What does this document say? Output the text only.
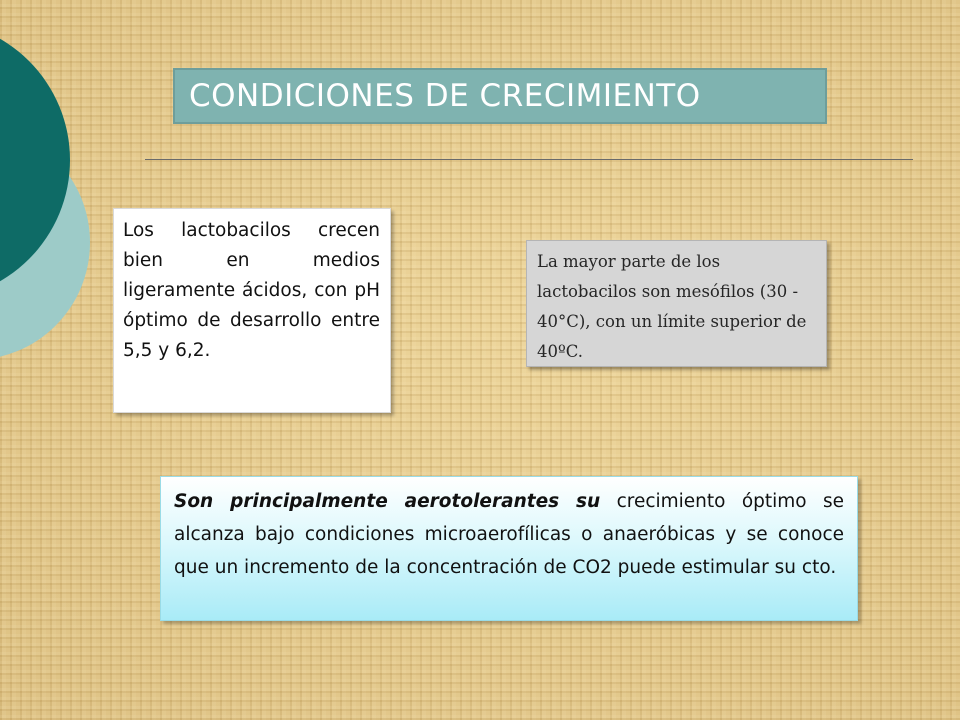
CONDICIONES DE CRECIMIENTO
Los lactobacilos crecen bien en medios ligeramente ácidos, con pH óptimo de desarrollo entre 5,5 y 6,2.
La mayor parte de los lactobacilos son mesófilos (30 - 40°C), con un límite superior de 40ºC.
Son principalmente aerotolerantes su crecimiento óptimo se alcanza bajo condiciones microaerofílicas o anaeróbicas y se conoce que un incremento de la concentración de CO2 puede estimular su cto.
